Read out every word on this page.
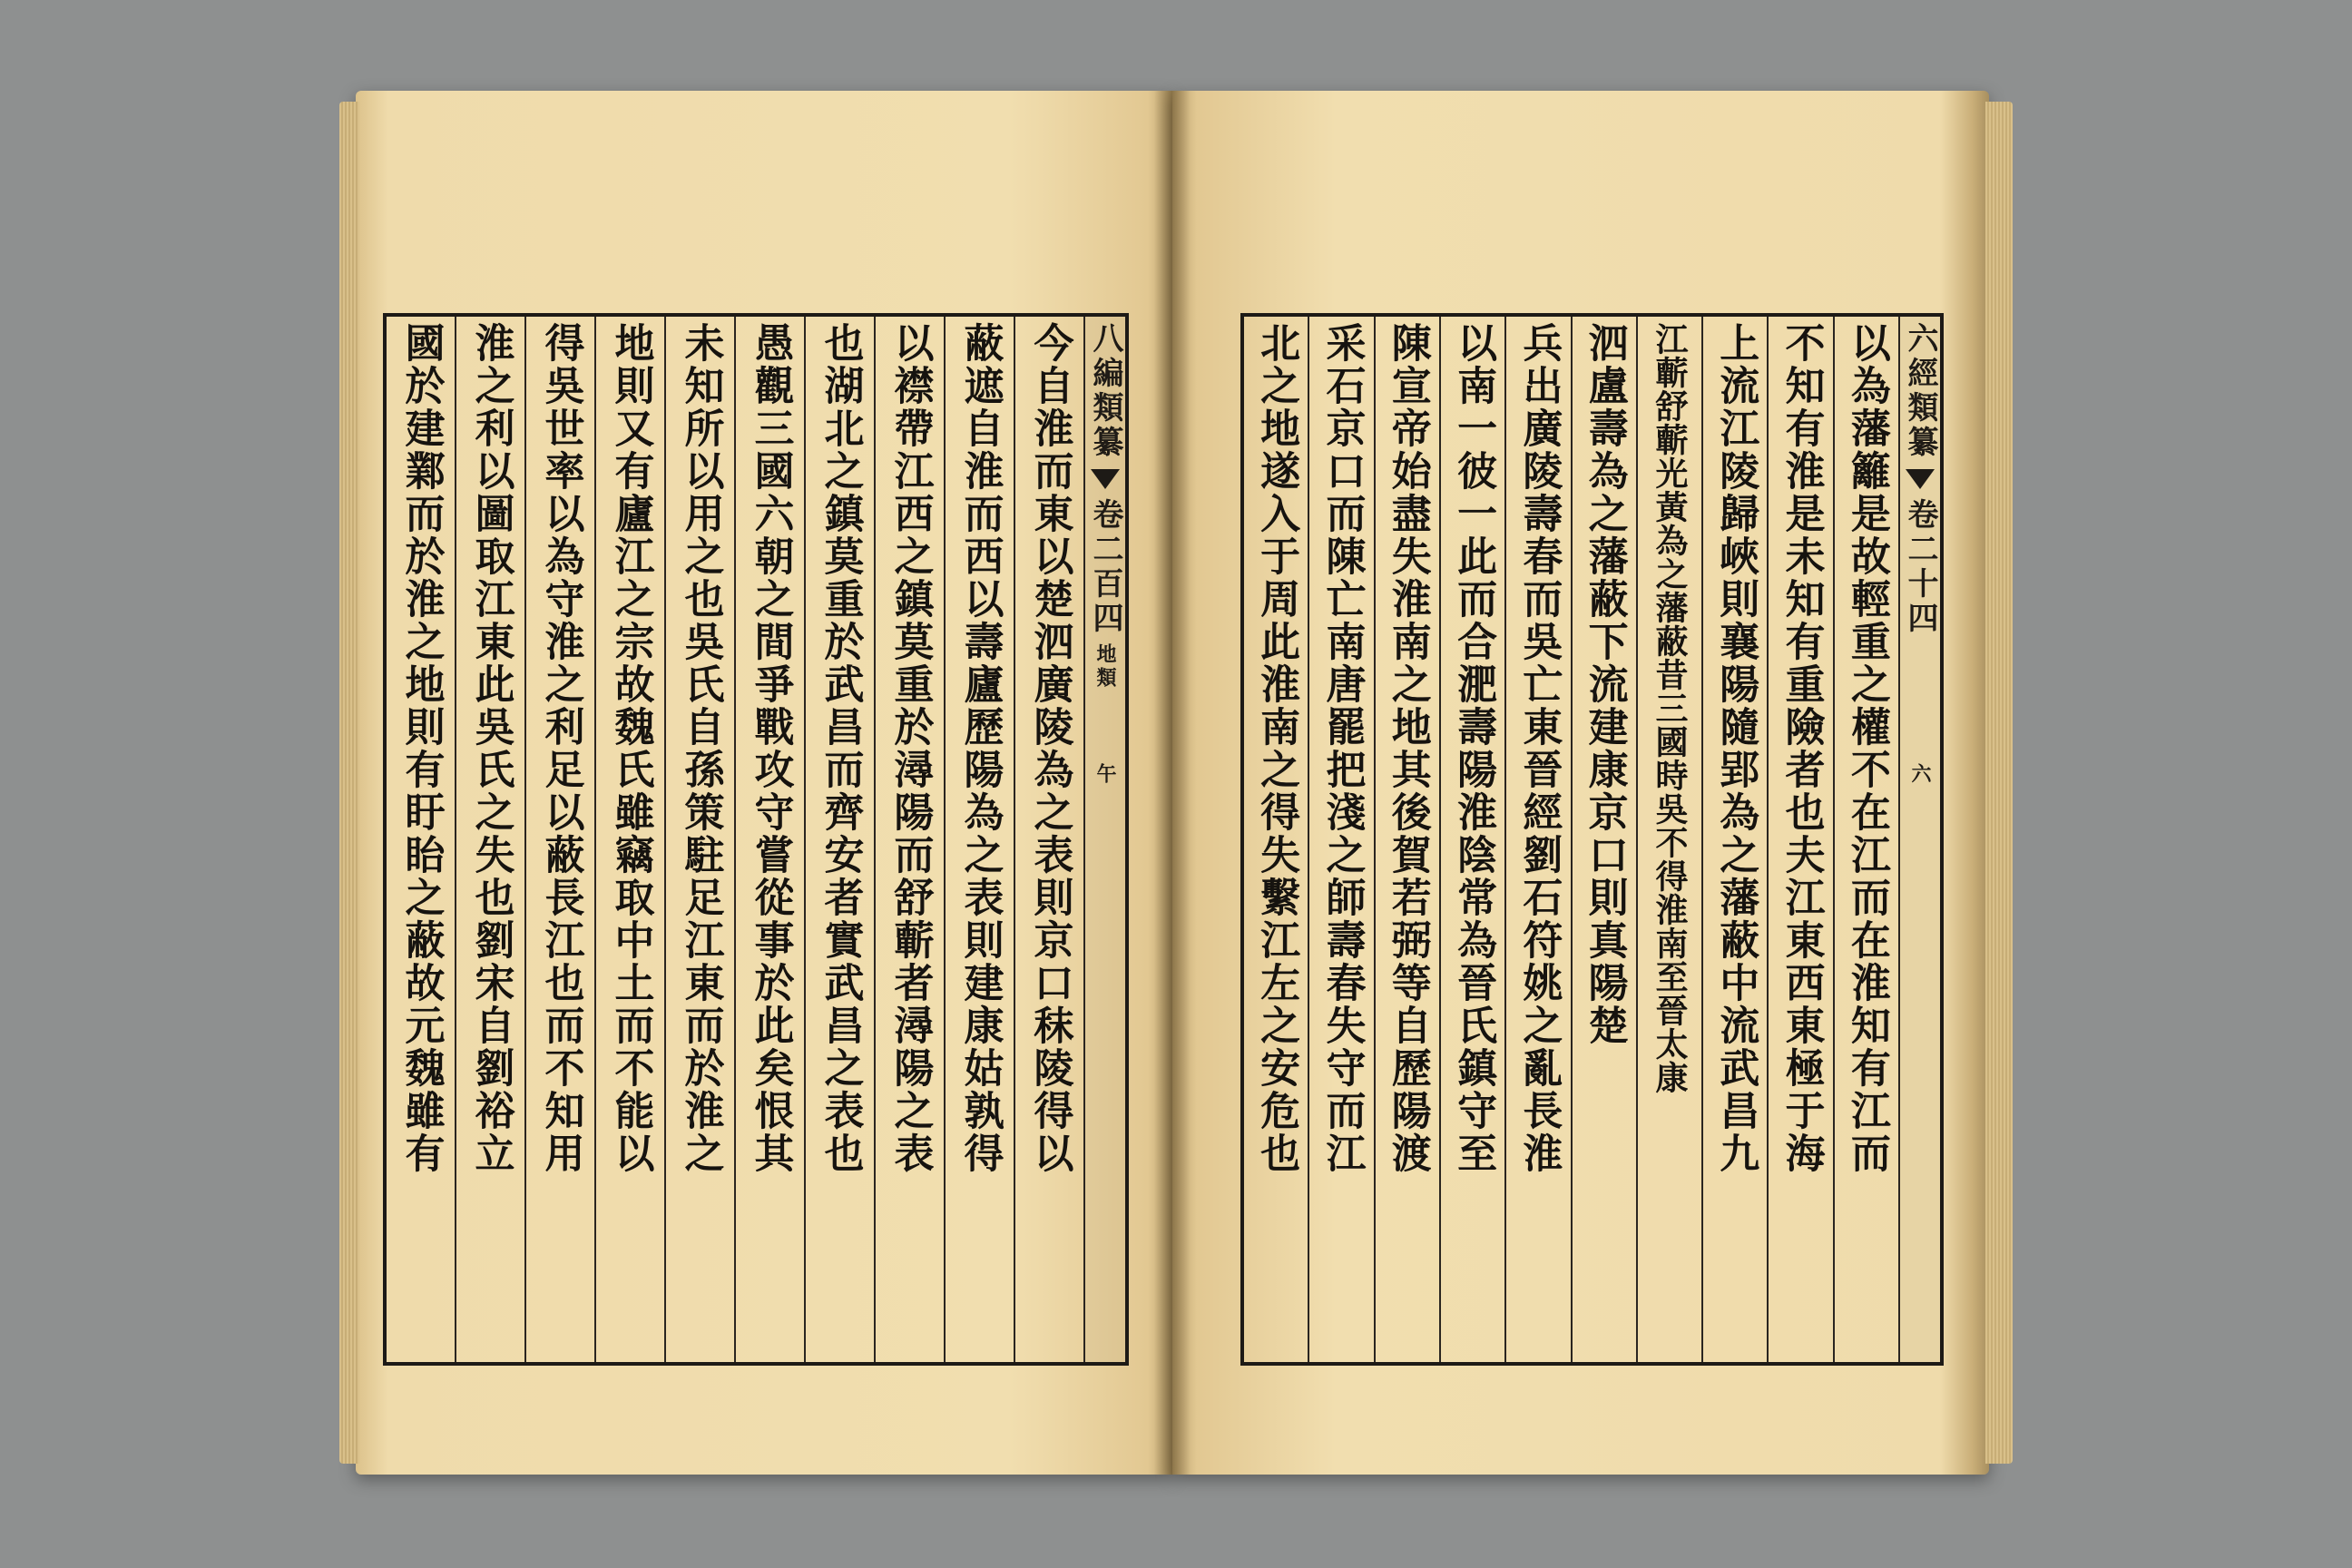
八編類纂
卷二百四
地類
午
今自淮而東以楚泗廣陵為之表則京口秣陵得以
蔽遮自淮而西以壽廬歷陽為之表則建康姑孰得
以襟帶江西之鎮莫重於潯陽而舒蘄者潯陽之表
也湖北之鎮莫重於武昌而齊安者實武昌之表也
愚觀三國六朝之間爭戰攻守嘗從事於此矣恨其
未知所以用之也吳氏自孫策駐足江東而於淮之
地則又有廬江之宗故魏氏雖竊取中土而不能以
得吳世率以為守淮之利足以蔽長江也而不知用
淮之利以圖取江東此吳氏之失也劉宋自劉裕立
國於建鄴而於淮之地則有盱眙之蔽故元魏雖有	六經類纂
卷二十四
六
以為藩籬是故輕重之權不在江而在淮知有江而
不知有淮是未知有重險者也夫江東西東極于海
上流江陵歸峽則襄陽隨郢為之藩蔽中流武昌九
江蘄舒蘄光黃為之藩蔽昔三國時吳不得淮南至晉太康
泗盧壽為之藩蔽下流建康京口則真陽楚
兵出廣陵壽春而吳亡東晉經劉石符姚之亂長淮
以南一彼一此而合淝壽陽淮陰常為晉氏鎮守至
陳宣帝始盡失淮南之地其後賀若弼等自歷陽渡
采石京口而陳亡南唐罷把淺之師壽春失守而江
北之地遂入于周此淮南之得失繫江左之安危也
